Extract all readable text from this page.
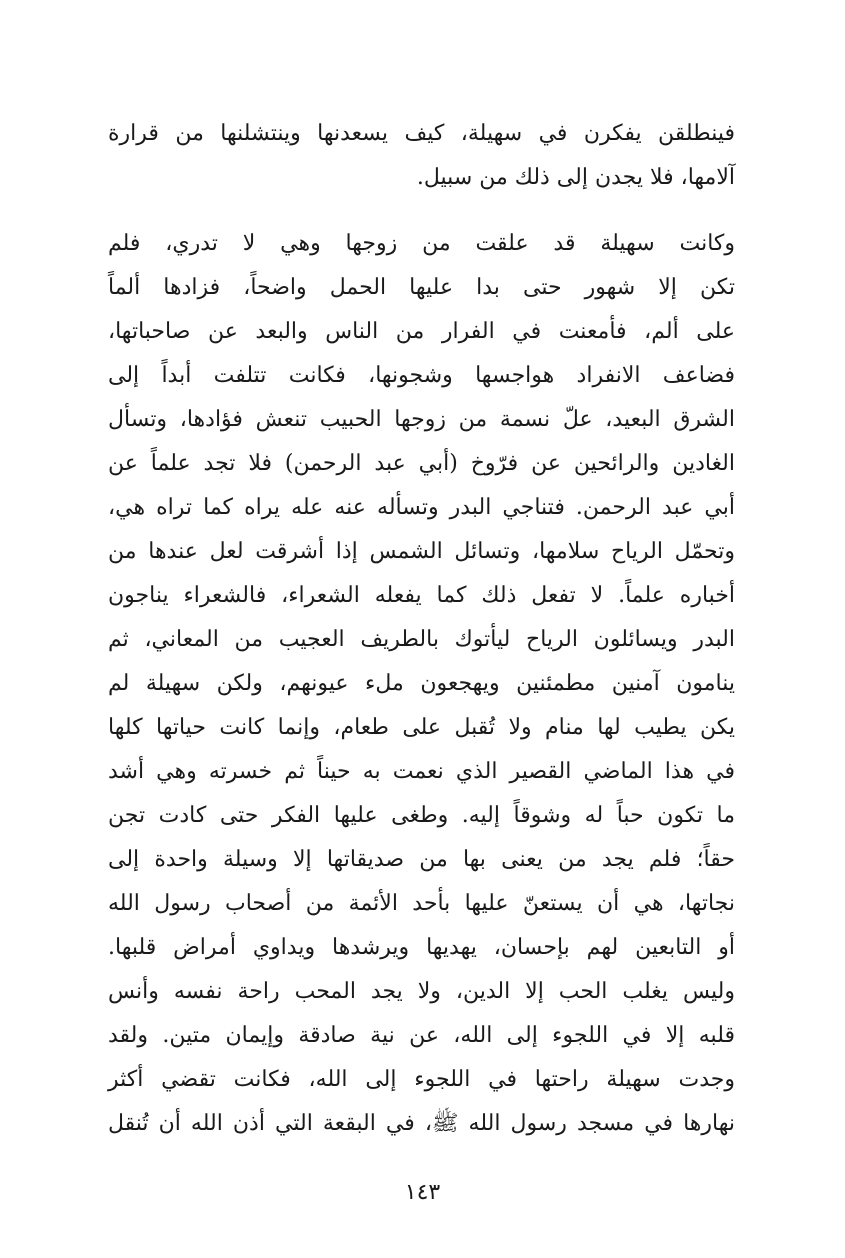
فينطلقن يفكرن في سهيلة، كيف يسعدنها وينتشلنها من قرارة
آلامها، فلا يجدن إلى ذلك من سبيل.
وكانت سهيلة قد علقت من زوجها وهي لا تدري، فلم
تكن إلا شهور حتى بدا عليها الحمل واضحاً، فزادها ألماً
على ألم، فأمعنت في الفرار من الناس والبعد عن صاحباتها،
فضاعف الانفراد هواجسها وشجونها، فكانت تتلفت أبداً إلى
الشرق البعيد، علّ نسمة من زوجها الحبيب تنعش فؤادها، وتسأل
الغادين والرائحين عن فرّوخ (أبي عبد الرحمن) فلا تجد علماً عن
أبي عبد الرحمن. فتناجي البدر وتسأله عنه عله يراه كما تراه هي،
وتحمّل الرياح سلامها، وتسائل الشمس إذا أشرقت لعل عندها من
أخباره علماً. لا تفعل ذلك كما يفعله الشعراء، فالشعراء يناجون
البدر ويسائلون الرياح ليأتوك بالطريف العجيب من المعاني، ثم
ينامون آمنين مطمئنين ويهجعون ملء عيونهم، ولكن سهيلة لم
يكن يطيب لها منام ولا تُقبل على طعام، وإنما كانت حياتها كلها
في هذا الماضي القصير الذي نعمت به حيناً ثم خسرته وهي أشد
ما تكون حباً له وشوقاً إليه. وطغى عليها الفكر حتى كادت تجن
حقاً؛ فلم يجد من يعنى بها من صديقاتها إلا وسيلة واحدة إلى
نجاتها، هي أن يستعنّ عليها بأحد الأئمة من أصحاب رسول الله
أو التابعين لهم بإحسان، يهديها ويرشدها ويداوي أمراض قلبها.
وليس يغلب الحب إلا الدين، ولا يجد المحب راحة نفسه وأنس
قلبه إلا في اللجوء إلى الله، عن نية صادقة وإيمان متين. ولقد
وجدت سهيلة راحتها في اللجوء إلى الله، فكانت تقضي أكثر
نهارها في مسجد رسول الله ﷺ، في البقعة التي أذن الله أن تُنقل
١٤٣
